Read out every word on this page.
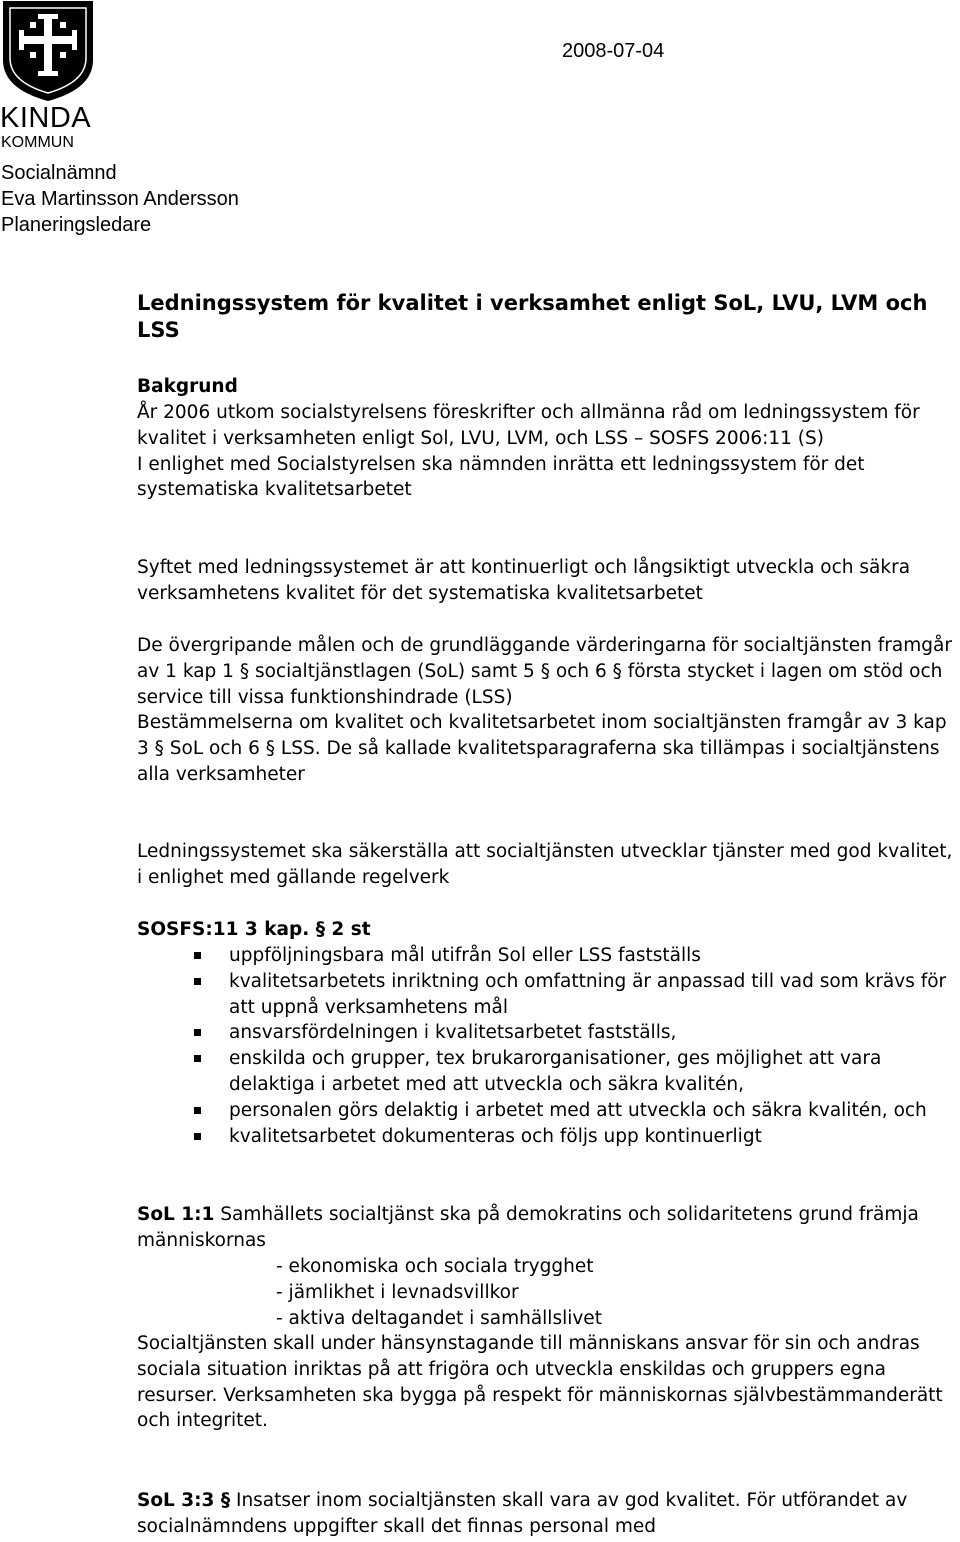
KINDA
KOMMUN
2008-07-04
Socialnämnd
Eva Martinsson Andersson
Planeringsledare
Ledningssystem för kvalitet i verksamhet enligt SoL, LVU, LVM och LSS
Bakgrund
År 2006 utkom socialstyrelsens föreskrifter och allmänna råd om ledningssystem för kvalitet i verksamheten enligt Sol, LVU, LVM, och LSS – SOSFS 2006:11 (S)
I enlighet med Socialstyrelsen ska nämnden inrätta ett ledningssystem för det systematiska kvalitetsarbetet
Syftet med ledningssystemet är att kontinuerligt och långsiktigt utveckla och säkra verksamhetens kvalitet för det systematiska kvalitetsarbetet
De övergripande målen och de grundläggande värderingarna för socialtjänsten framgår av 1 kap 1 § socialtjänstlagen (SoL) samt 5 § och 6 § första stycket i lagen om stöd och service till vissa funktionshindrade (LSS)
Bestämmelserna om kvalitet och kvalitetsarbetet inom socialtjänsten framgår av 3 kap 3 § SoL och 6 § LSS. De så kallade kvalitetsparagraferna ska tillämpas i socialtjänstens alla verksamheter
Ledningssystemet ska säkerställa att socialtjänsten utvecklar tjänster med god kvalitet, i enlighet med gällande regelverk
SOSFS:11 3 kap. § 2 st
uppföljningsbara mål utifrån Sol eller LSS fastställs
kvalitetsarbetets inriktning och omfattning är anpassad till vad som krävs för att uppnå verksamhetens mål
ansvarsfördelningen i kvalitetsarbetet fastställs,
enskilda och grupper, tex brukarorganisationer, ges möjlighet att vara delaktiga i arbetet med att utveckla och säkra kvalitén,
personalen görs delaktig i arbetet med att utveckla och säkra kvalitén, och
kvalitetsarbetet dokumenteras och följs upp kontinuerligt
SoL 1:1 Samhällets socialtjänst ska på demokratins och solidaritetens grund främja människornas
- ekonomiska och sociala trygghet
- jämlikhet i levnadsvillkor
- aktiva deltagandet i samhällslivet
Socialtjänsten skall under hänsynstagande till människans ansvar för sin och andras sociala situation inriktas på att frigöra och utveckla enskildas och gruppers egna resurser. Verksamheten ska bygga på respekt för människornas självbestämmanderätt och integritet.
SoL 3:3 § Insatser inom socialtjänsten skall vara av god kvalitet. För utförandet av socialnämndens uppgifter skall det finnas personal med
